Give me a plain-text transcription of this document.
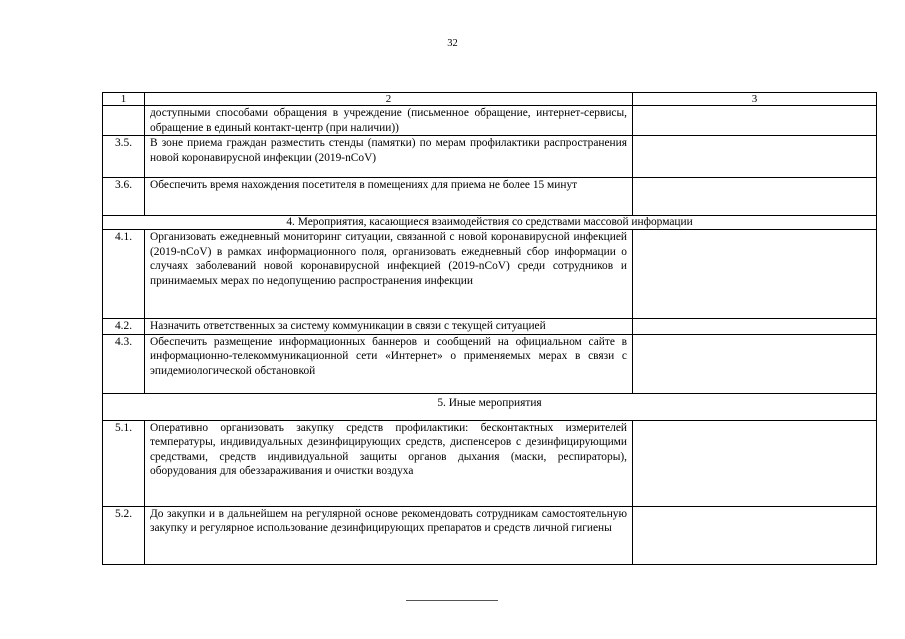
32
1	2	3
	доступными способами обращения в учреждение (письменное обращение, интернет-сервисы, обращение в единый контакт-центр (при наличии))	
3.5.	В зоне приема граждан разместить стенды (памятки) по мерам профилактики распространения новой коронавирусной инфекции (2019-nCoV)	
3.6.	Обеспечить время нахождения посетителя в помещениях для приема не более 15 минут	
4. Мероприятия, касающиеся взаимодействия со средствами массовой информации		
4.1.	Организовать ежедневный мониторинг ситуации, связанной с новой коронавирусной инфекцией (2019-nCoV) в рамках информационного поля, организовать ежедневный сбор информации о случаях заболеваний новой коронавирусной инфекцией (2019-nCoV) среди сотрудников и принимаемых мерах по недопущению распространения инфекции	
4.2.	Назначить ответственных за систему коммуникации в связи с текущей ситуацией	
4.3.	Обеспечить размещение информационных баннеров и сообщений на официальном сайте в информационно-телекоммуникационной сети «Интернет» о применяемых мерах в связи с эпидемиологической обстановкой	
5. Иные мероприятия		
5.1.	Оперативно организовать закупку средств профилактики: бесконтактных измерителей температуры, индивидуальных дезинфицирующих средств, диспенсеров с дезинфицирующими средствами, средств индивидуальной защиты органов дыхания (маски, респираторы), оборудования для обеззараживания и очистки воздуха	
5.2.	До закупки и в дальнейшем на регулярной основе рекомендовать сотрудникам самостоятельную закупку и регулярное использование дезинфицирующих препаратов и средств личной гигиены	
